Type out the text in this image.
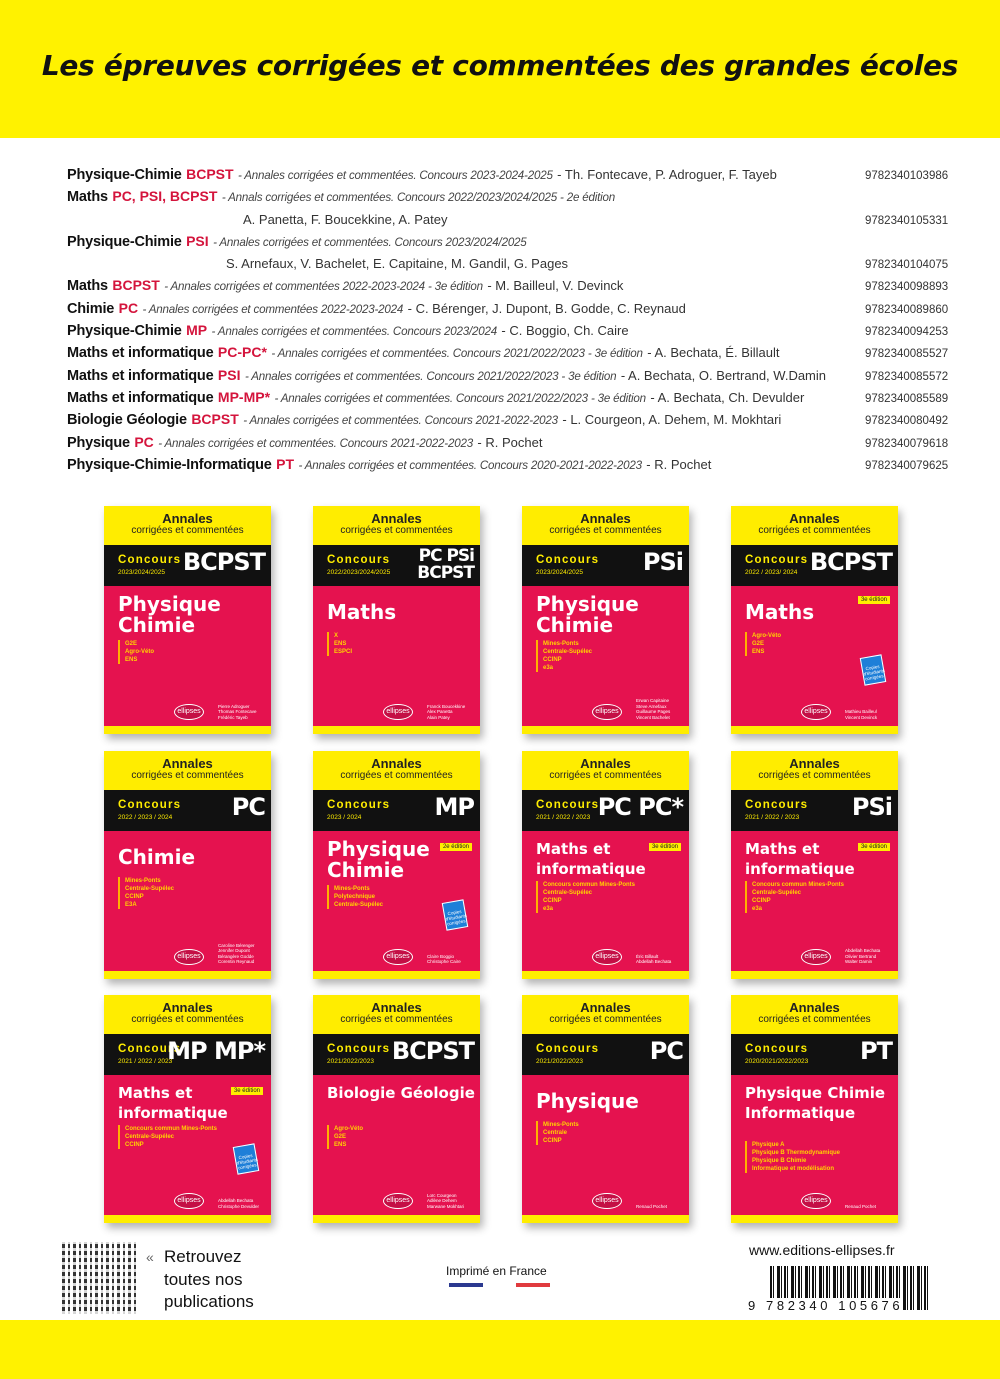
Les épreuves corrigées et commentées des grandes écoles
Physique-Chimie BCPST - Annales corrigées et commentées. Concours 2023-2024-2025 - Th. Fontecave, P. Adroguer, F. Tayeb	9782340103986
Maths PC, PSI, BCPST - Annals corrigées et commentées. Concours 2022/2023/2024/2025 - 2e édition
A. Panetta, F. Boucekkine, A. Patey	9782340105331
Physique-Chimie PSI - Annales corrigées et commentées. Concours 2023/2024/2025
S. Arnefaux, V. Bachelet, E. Capitaine, M. Gandil, G. Pages	9782340104075
Maths BCPST - Annales corrigées et commentées 2022-2023-2024 - 3e édition - M. Bailleul, V. Devinck	9782340098893
Chimie PC - Annales corrigées et commentées 2022-2023-2024 - C. Bérenger, J. Dupont, B. Godde, C. Reynaud	9782340089860
Physique-Chimie MP - Annales corrigées et commentées. Concours 2023/2024 - C. Boggio, Ch. Caire	9782340094253
Maths et informatique PC-PC* - Annales corrigées et commentées. Concours 2021/2022/2023 - 3e édition - A. Bechata, É. Billault	9782340085527
Maths et informatique PSI - Annales corrigées et commentées. Concours 2021/2022/2023 - 3e édition - A. Bechata, O. Bertrand, W.Damin	9782340085572
Maths et informatique MP-MP* - Annales corrigées et commentées. Concours 2021/2022/2023 - 3e édition - A. Bechata, Ch. Devulder	9782340085589
Biologie Géologie BCPST - Annales corrigées et commentées. Concours 2021-2022-2023 - L. Courgeon, A. Dehem, M. Mokhtari	9782340080492
Physique PC - Annales corrigées et commentées. Concours 2021-2022-2023 - R. Pochet	9782340079618
Physique-Chimie-Informatique PT - Annales corrigées et commentées. Concours 2020-2021-2022-2023 - R. Pochet	9782340079625
Annales
corrigées et commentées
Concours
2023/2024/2025 BCPST
Physique Chimie
G2E
Agro-Véto
ENS
ellipses
Pierre Adroguer
Thomas Fontecave
Frédéric Tayeb
Annales
corrigées et commentées
Concours
2022/2023/2024/2025
PC PSi BCPST
Maths
X
ENS
ESPCI
ellipses
Franck Boucekkine
Alex Panetta
Alain Patey
Annales
corrigées et commentées
Concours
2023/2024/2025 PSi
Physique Chimie
Mines-Ponts
Centrale-Supélec
CCINP
e3a
ellipses
Erwan Capitaine
Steve Arnefaux
Guillaume Pages
Vincent Bachelet
Annales
corrigées et commentées
Concours
2022 / 2023/ 2024 BCPST
Maths
Agro-Véto
G2E
ENS
3e édition
Copies d'étudiants corrigées
ellipses	Mathieu Bailleul
Vincent Devinck
Annales
corrigées et commentées
Concours
2022 / 2023 / 2024 PC
Chimie
Mines-Ponts
Centrale-Supélec
CCINP
E3A
ellipses
Caroline Bérenger
Jennifer Dupont
Bérangère Godde
Corentin Reynaud
Annales
corrigées et commentées
Concours
2023 / 2024	MP
Physique Chimie
Mines-Ponts
Polytechnique
Centrale-Supélec
2e édition
Copies d'étudiants corrigées
ellipses	Claire Boggio
Christophe Caire
Annales
corrigées et commentées
Concours
2021 / 2022 / 2023 PC PC*
Maths et informatique
Concours commun Mines-Ponts
Centrale-Supélec
CCINP
e3a
3e édition
ellipses	Éric Billault
Abdellah Bechata
Annales
corrigées et commentées
Concours
2021 / 2022 / 2023 PSi
Maths et informatique
Concours commun Mines-Ponts
Centrale-Supélec
CCINP
e3a
3e édition
ellipses
Abdellah Bechata
Olivier Bertrand
Walter Damin
Annales
corrigées et commentées
Concours
2021 / 2022 / 2023
MP MP*
Maths et informatique
Concours commun Mines-Ponts
Centrale-Supélec
CCINP
3e édition
Copies d'étudiants corrigées
ellipses	Abdellah Bechata
Christophe Devulder
Annales
corrigées et commentées
Concours
2021/2022/2023 BCPST
Biologie Géologie
Agro-Véto
G2E
ENS
ellipses
Loïc Courgeon
Adlène Dehem
Marwane Mokhtari
Annales
corrigées et commentées
Concours
2021/2022/2023	PC
Physique
Mines-Ponts
Centrale
CCINP
ellipses
Renaud Pochet
Annales
corrigées et commentées
Concours
2020/2021/2022/2023 PT
Physique Chimie Informatique
Physique A
Physique B Thermodynamique
Physique B Chimie
Informatique et modélisation
ellipses
Renaud Pochet
« Retrouvez
toutes nos
publications
Imprimé en France
www.editions-ellipses.fr
9 782340 105676
